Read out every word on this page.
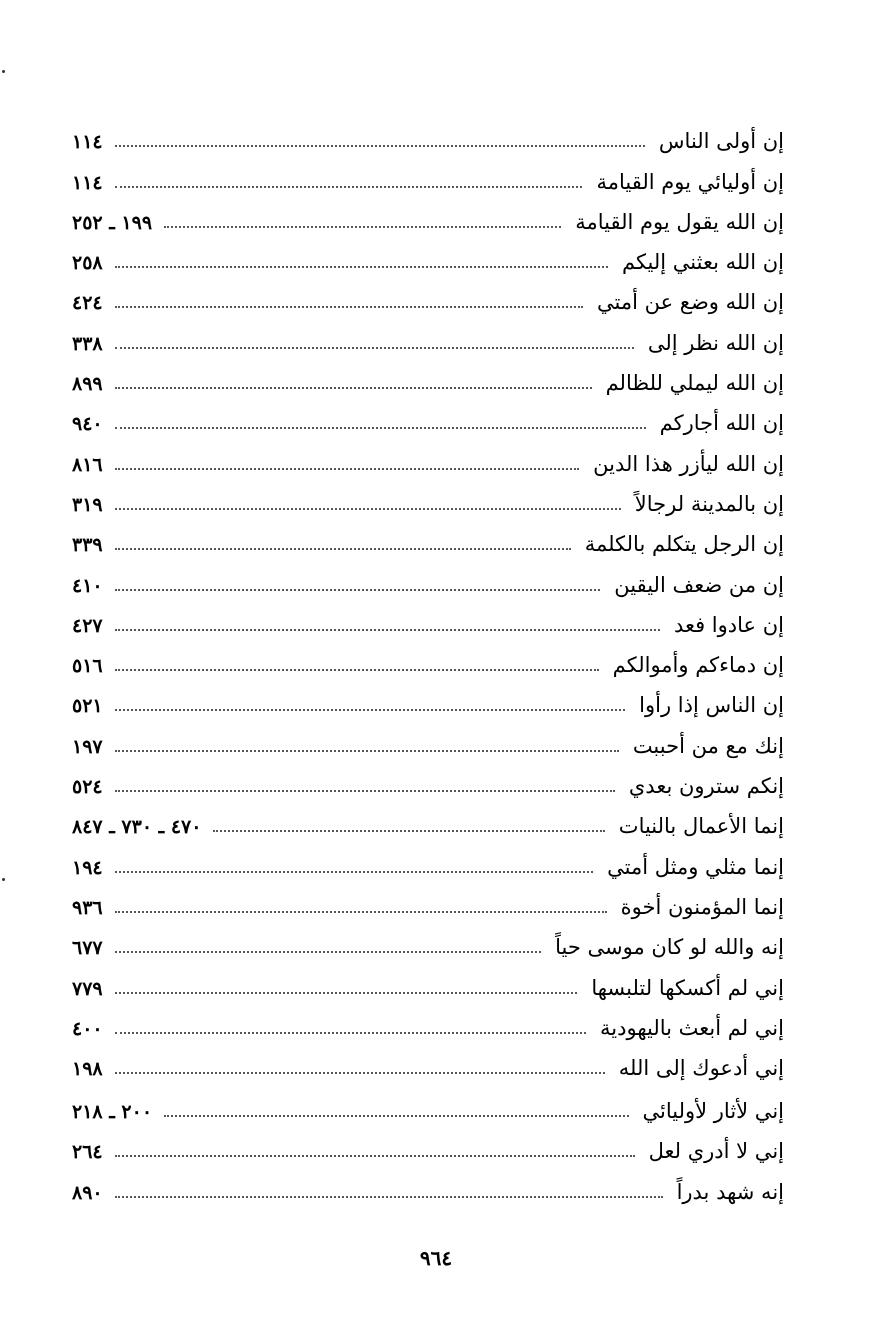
إن أولى الناس
١١٤
إن أوليائي يوم القيامة
١١٤
إن الله يقول يوم القيامة
١٩٩ ـ ٢٥٢
إن الله بعثني إليكم
٢٥٨
إن الله وضع عن أمتي
٤٢٤
إن الله نظر إلى
٣٣٨
إن الله ليملي للظالم
٨٩٩
إن الله أجاركم
٩٤٠
إن الله ليأزر هذا الدين
٨١٦
إن بالمدينة لرجالاً
٣١٩
إن الرجل يتكلم بالكلمة
٣٣٩
إن من ضعف اليقين
٤١٠
إن عادوا فعد
٤٢٧
إن دماءكم وأموالكم
٥١٦
إن الناس إذا رأوا
٥٢١
إنك مع من أحببت
١٩٧
إنكم سترون بعدي
٥٢٤
إنما الأعمال بالنيات
٤٧٠ ـ ٧٣٠ ـ ٨٤٧
إنما مثلي ومثل أمتي
١٩٤
إنما المؤمنون أخوة
٩٣٦
إنه والله لو كان موسى حياً
٦٧٧
إني لم أكسكها لتلبسها
٧٧٩
إني لم أبعث باليهودية
٤٠٠
إني أدعوك إلى الله
١٩٨
إني لأثار لأوليائي
٢٠٠ ـ ٢١٨
إني لا أدري لعل
٢٦٤
إنه شهد بدراً
٨٩٠
٩٦٤
